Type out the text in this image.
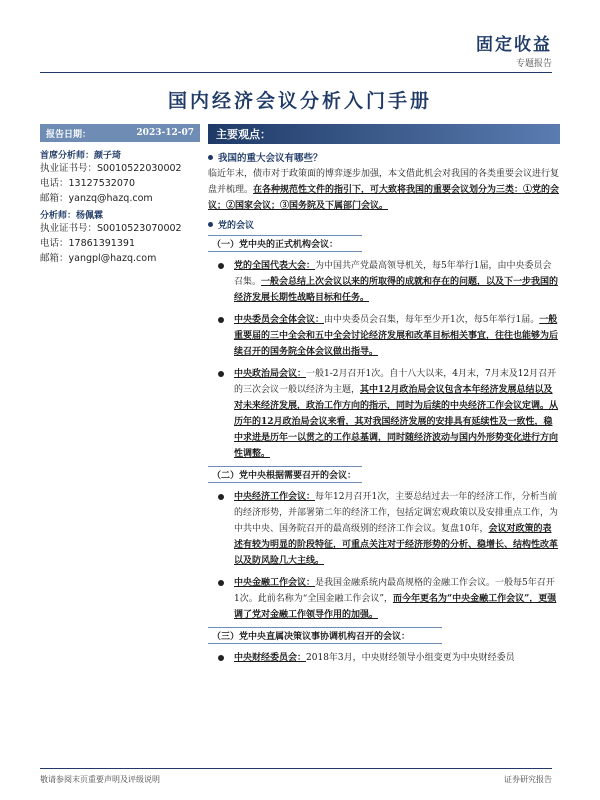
固定收益
专题报告
国内经济会议分析入门手册
报告日期：	2023-12-07
首席分析师：颜子琦
执业证书号：S0010522030002
电话：13127532070
邮箱：yanzq@hazq.com
分析师：杨佩霖
执业证书号：S0010523070002
电话：17861391391
邮箱：yangpl@hazq.com
主要观点：
我国的重大会议有哪些？

临近年末，债市对于政策面的博弈逐步加强，本文借此机会对我国的各类重要会议进行复盘并梳理。在各种规范性文件的指引下，可大致将我国的重要会议划分为三类：①党的会议；②国家会议；③国务院及下属部门会议。

党的会议
（一）党中央的正式机构会议：
党的全国代表大会：为中国共产党最高领导机关，每5年举行1届，由中央委员会召集。一般会总结上次会议以来的所取得的成就和存在的问题，以及下一步我国的经济发展长期性战略目标和任务。
中央委员会全体会议：由中央委员会召集，每年至少开1次，每5年举行1届。一般重要届的三中全会和五中全会讨论经济发展和改革目标相关事宜，往往也能够为后续召开的国务院全体会议做出指导。
中央政治局会议：一般1-2月召开1次。自十八大以来，4月末，7月末及12月召开的三次会议一般以经济为主题，其中12月政治局会议包含本年经济发展总结以及对未来经济发展，政治工作方向的指示，同时为后续的中央经济工作会议定调。从历年的12月政治局会议来看，其对我国经济发展的安排具有延续性及一致性，稳中求进是历年一以贯之的工作总基调，同时随经济波动与国内外形势变化进行方向性调整。
（二）党中央根据需要召开的会议：
中央经济工作会议：每年12月召开1次，主要总结过去一年的经济工作，分析当前的经济形势，并部署第二年的经济工作，包括定调宏观政策以及安排重点工作，为中共中央、国务院召开的最高级别的经济工作会议。复盘10年，会议对政策的表述有较为明显的阶段特征，可重点关注对于经济形势的分析、稳增长、结构性改革以及防风险几大主线。
中央金融工作会议：是我国金融系统内最高规格的金融工作会议。一般每5年召开1次。此前名称为“全国金融工作会议”，而今年更名为“中央金融工作会议”，更强调了党对金融工作领导作用的加强。
（三）党中央直属决策议事协调机构召开的会议：
中央财经委员会：2018年3月，中央财经领导小组变更为中央财经委员
敬请参阅末页重要声明及评级说明	证券研究报告
